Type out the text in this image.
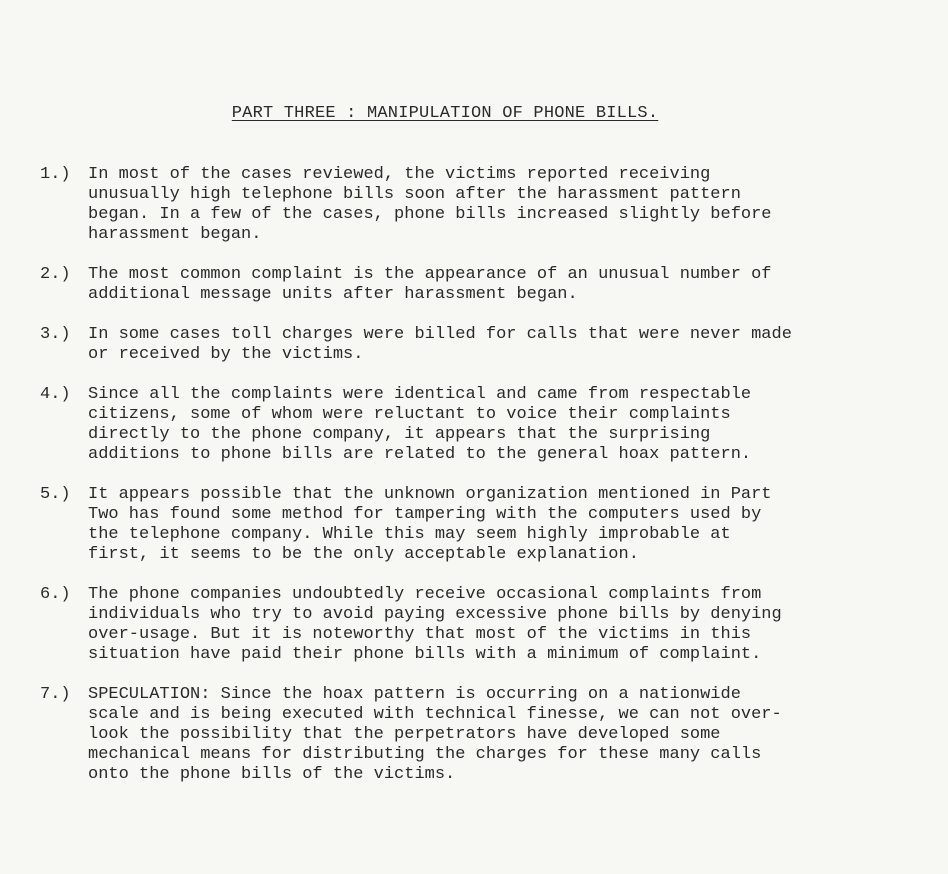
PART THREE : MANIPULATION OF PHONE BILLS.
1.)	In most of the cases reviewed, the victims reported receiving
unusually high telephone bills soon after the harassment pattern
began. In a few of the cases, phone bills increased slightly before
harassment began.
2.)	The most common complaint is the appearance of an unusual number of
additional message units after harassment began.
3.)	In some cases toll charges were billed for calls that were never made
or received by the victims.
4.)	Since all the complaints were identical and came from respectable
citizens, some of whom were reluctant to voice their complaints
directly to the phone company, it appears that the surprising
additions to phone bills are related to the general hoax pattern.
5.)	It appears possible that the unknown organization mentioned in Part
Two has found some method for tampering with the computers used by
the telephone company. While this may seem highly improbable at
first, it seems to be the only acceptable explanation.
6.)	The phone companies undoubtedly receive occasional complaints from
individuals who try to avoid paying excessive phone bills by denying
over-usage. But it is noteworthy that most of the victims in this
situation have paid their phone bills with a minimum of complaint.
7.)	SPECULATION: Since the hoax pattern is occurring on a nationwide
scale and is being executed with technical finesse, we can not over-
look the possibility that the perpetrators have developed some
mechanical means for distributing the charges for these many calls
onto the phone bills of the victims.
